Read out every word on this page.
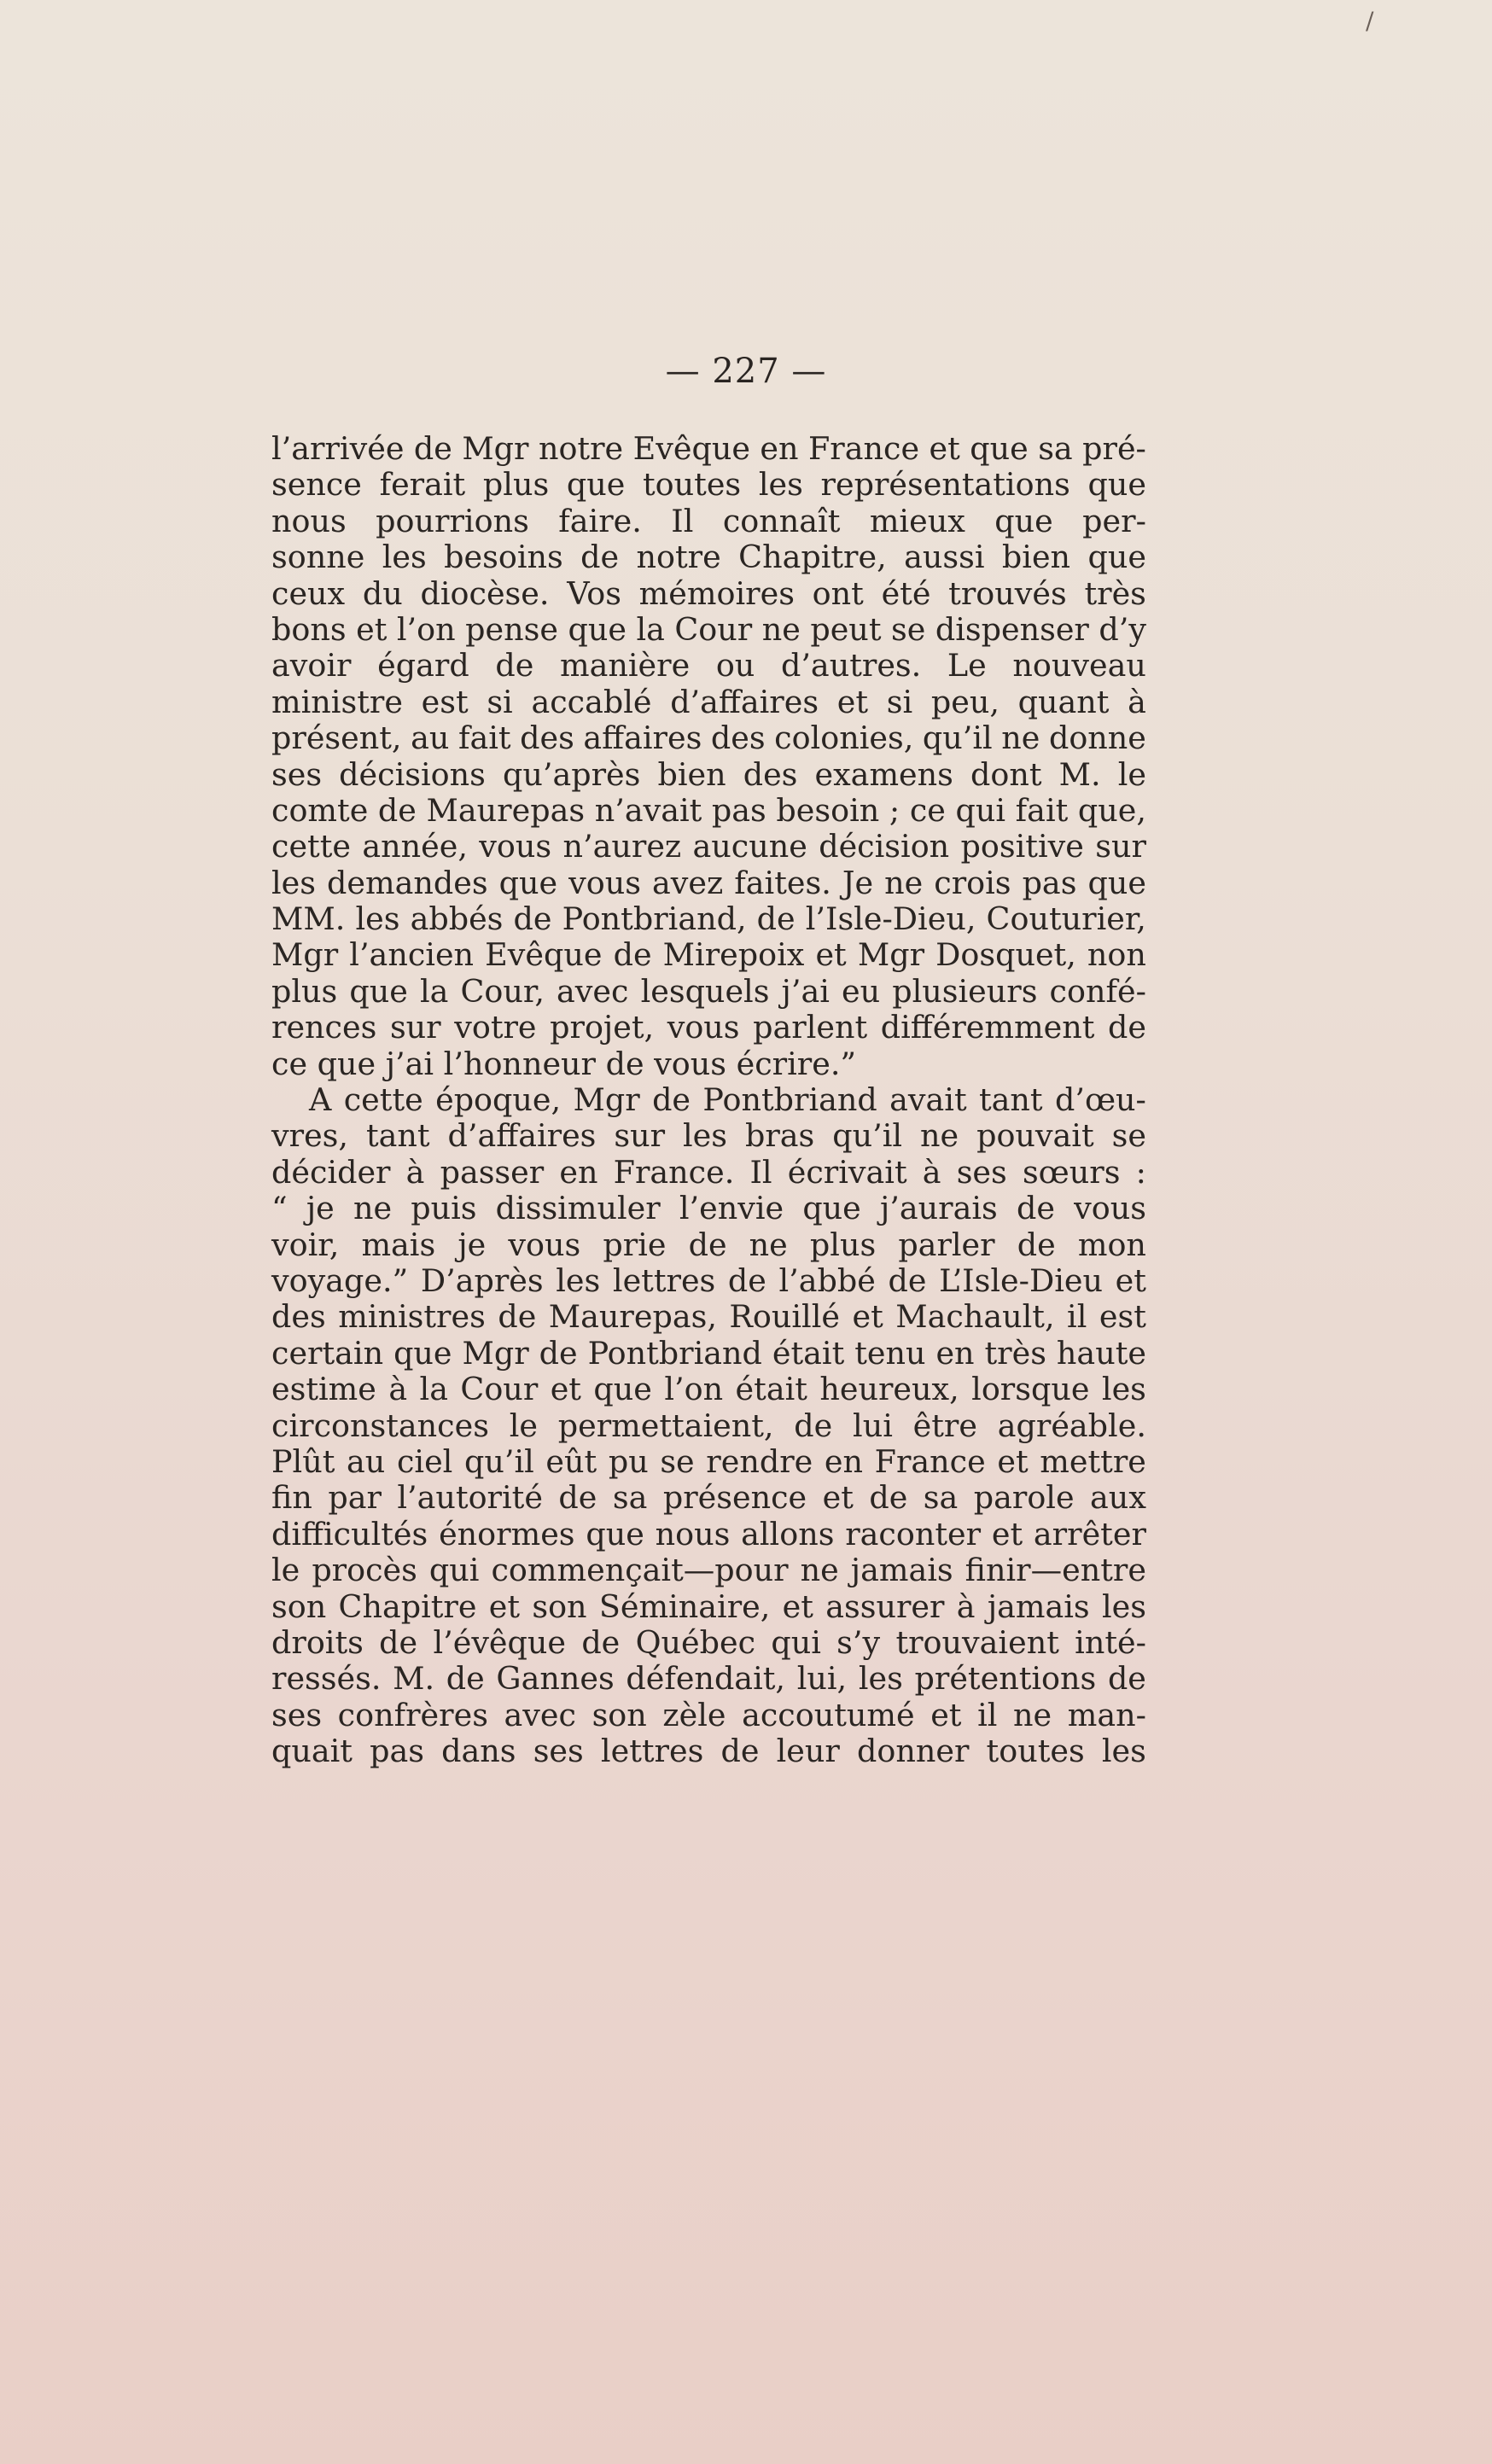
/
— 227 —
l’arrivée de Mgr notre Evêque en France et que sa pré-
sence ferait plus que toutes les représentations que
nous pourrions faire. Il connaît mieux que per-
sonne les besoins de notre Chapitre, aussi bien que
ceux du diocèse. Vos mémoires ont été trouvés très
bons et l’on pense que la Cour ne peut se dispenser d’y
avoir égard de manière ou d’autres. Le nouveau
ministre est si accablé d’affaires et si peu, quant à
présent, au fait des affaires des colonies, qu’il ne donne
ses décisions qu’après bien des examens dont M. le
comte de Maurepas n’avait pas besoin ; ce qui fait que,
cette année, vous n’aurez aucune décision positive sur
les demandes que vous avez faites. Je ne crois pas que
MM. les abbés de Pontbriand, de l’Isle-Dieu, Couturier,
Mgr l’ancien Evêque de Mirepoix et Mgr Dosquet, non
plus que la Cour, avec lesquels j’ai eu plusieurs confé-
rences sur votre projet, vous parlent différemment de
ce que j’ai l’honneur de vous écrire.”
A cette époque, Mgr de Pontbriand avait tant d’œu-
vres, tant d’affaires sur les bras qu’il ne pouvait se
décider à passer en France. Il écrivait à ses sœurs :
“ je ne puis dissimuler l’envie que j’aurais de vous
voir, mais je vous prie de ne plus parler de mon
voyage.” D’après les lettres de l’abbé de L’Isle-Dieu et
des ministres de Maurepas, Rouillé et Machault, il est
certain que Mgr de Pontbriand était tenu en très haute
estime à la Cour et que l’on était heureux, lorsque les
circonstances le permettaient, de lui être agréable.
Plût au ciel qu’il eût pu se rendre en France et mettre
fin par l’autorité de sa présence et de sa parole aux
difficultés énormes que nous allons raconter et arrêter
le procès qui commençait—pour ne jamais finir—entre
son Chapitre et son Séminaire, et assurer à jamais les
droits de l’évêque de Québec qui s’y trouvaient inté-
ressés. M. de Gannes défendait, lui, les prétentions de
ses confrères avec son zèle accoutumé et il ne man-
quait pas dans ses lettres de leur donner toutes les
